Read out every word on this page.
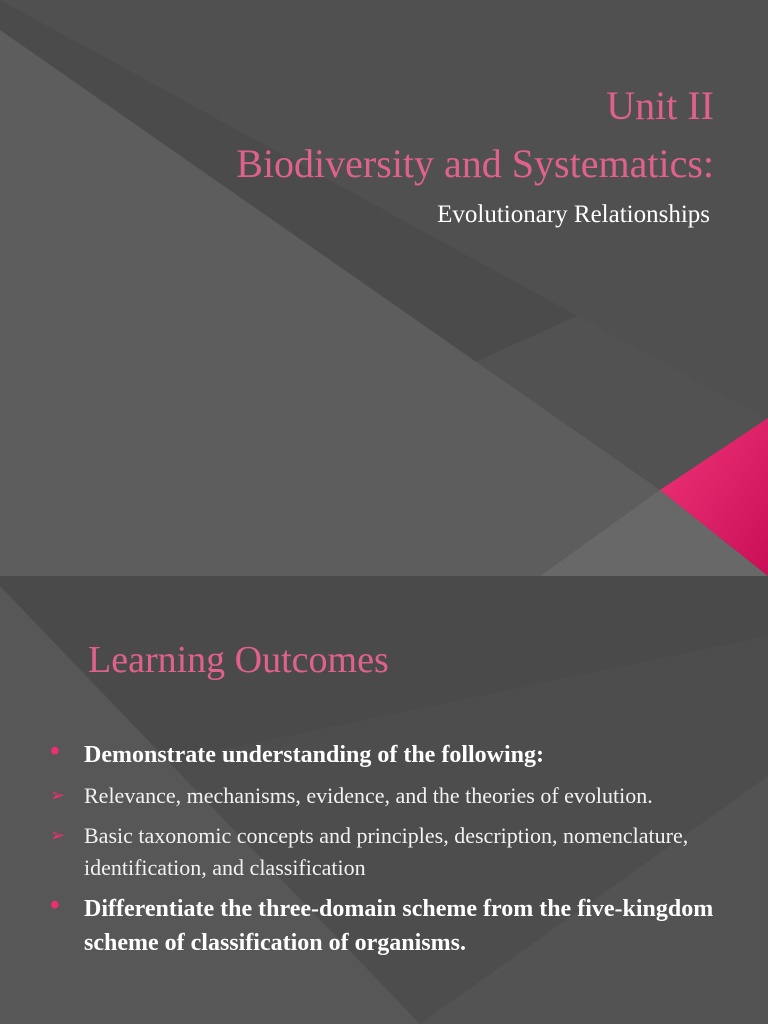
Unit II
Biodiversity and Systematics:
Evolutionary Relationships
Learning Outcomes
• Demonstrate understanding of the following:
➢ Relevance, mechanisms, evidence, and the theories of evolution.
➢ Basic taxonomic concepts and principles, description, nomenclature, identification, and classification
• Differentiate the three-domain scheme from the five-kingdom scheme of classification of organisms.
